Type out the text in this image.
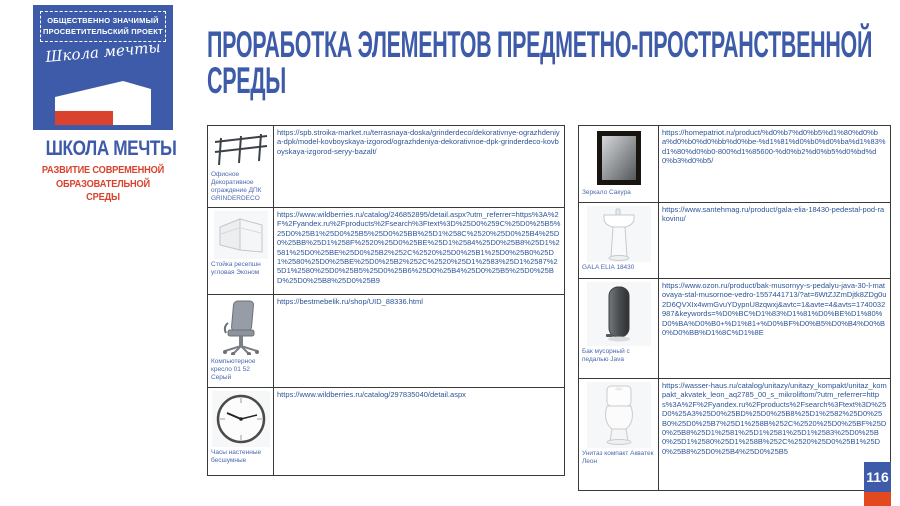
ОБЩЕСТВЕННО ЗНАЧИМЫЙ ПРОСВЕТИТЕЛЬСКИЙ ПРОЕКТ
Школа мечты
ШКОЛА МЕЧТЫ
РАЗВИТИЕ СОВРЕМЕННОЙ
ОБРАЗОВАТЕЛЬНОЙ СРЕДЫ
ПРОРАБОТКА ЭЛЕМЕНТОВ ПРЕДМЕТНО-ПРОСТРАНСТВЕННОЙ
СРЕДЫ
Офисное Декоративное ограждение ДПК GRINDERDECO	https://spb.stroika-market.ru/terrasnaya-doska/grinderdeco/dekorativnye-ograzhdeniya-dpk/model-kovboyskaya-izgorod/ograzhdeniya-dekorativnoe-dpk-grinderdeco-kovboyskaya-izgorod-seryy-bazalt/

Стойка ресепшн угловая Эконом	https://www.wildberries.ru/catalog/246852895/detail.aspx?utm_referrer=https%3A%2F%2Fyandex.ru%2Fproducts%2Fsearch%3Ftext%3D%25D0%259C%25D0%25B5%25D0%25B1%25D0%25B5%25D0%25BB%25D1%258C%2520%25D0%25B4%25D0%25BB%25D1%258F%2520%25D0%25BE%25D1%2584%25D0%25B8%25D1%2581%25D0%25BE%25D0%25B2%252C%2520%25D0%25B1%25D0%25B0%25D1%2580%25D0%25BE%25D0%25B2%252C%2520%25D1%2583%25D1%2587%25D1%2580%25D0%25B5%25D0%25B6%25D0%25B4%25D0%25B5%25D0%25BD%25D0%25B8%25D0%25B9

Компьютерное кресло 01 52 Серый	https://bestmebelik.ru/shop/UID_88336.html

Часы настенные бесшумные	https://www.wildberries.ru/catalog/297835040/detail.aspx
Зеркало Сакура	https://homepatriot.ru/product/%d0%b7%d0%b5%d1%80%d0%ba%d0%b0%d0%bb%d0%be-%d1%81%d0%b0%d0%ba%d1%83%d1%80%d0%b0-800%d1%85600-%d0%b2%d0%b5%d0%bd%d0%b3%d0%b5/

GALA ELIA 18430	https://www.santehmag.ru/product/gala-elia-18430-pedestal-pod-rakovinu/

Бак мусорный с педалью Java	https://www.ozon.ru/product/bak-musornyy-s-pedalyu-java-30-l-matovaya-stal-musornoe-vedro-1557441713/?at=6WtZJZmDjtk8ZDg0u2D6QVXIx4wmGvuYDypnU8zqwxj&avtc=1&avte=4&avts=1740032987&keywords=%D0%BC%D1%83%D1%81%D0%BE%D1%80%D0%BA%D0%B0+%D1%81+%D0%BF%D0%B5%D0%B4%D0%B0%D0%BB%D1%8C%D1%8E

Унитаз компакт Акватек Леон	https://wasser-haus.ru/catalog/unitazy/unitazy_kompakt/unitaz_kompakt_akvatek_leon_aq2785_00_s_mikroliftom/?utm_referrer=https%3A%2F%2Fyandex.ru%2Fproducts%2Fsearch%3Ftext%3D%25D0%25A3%25D0%25BD%25D0%25B8%25D1%2582%25D0%25B0%25D0%25B7%25D1%258B%252C%2520%25D0%25BF%25D0%25B8%25D1%2581%25D1%2581%25D1%2583%25D0%25B0%25D1%2580%25D1%258B%252C%2520%25D0%25B1%25D0%25B8%25D0%25B4%25D0%25B5
116
